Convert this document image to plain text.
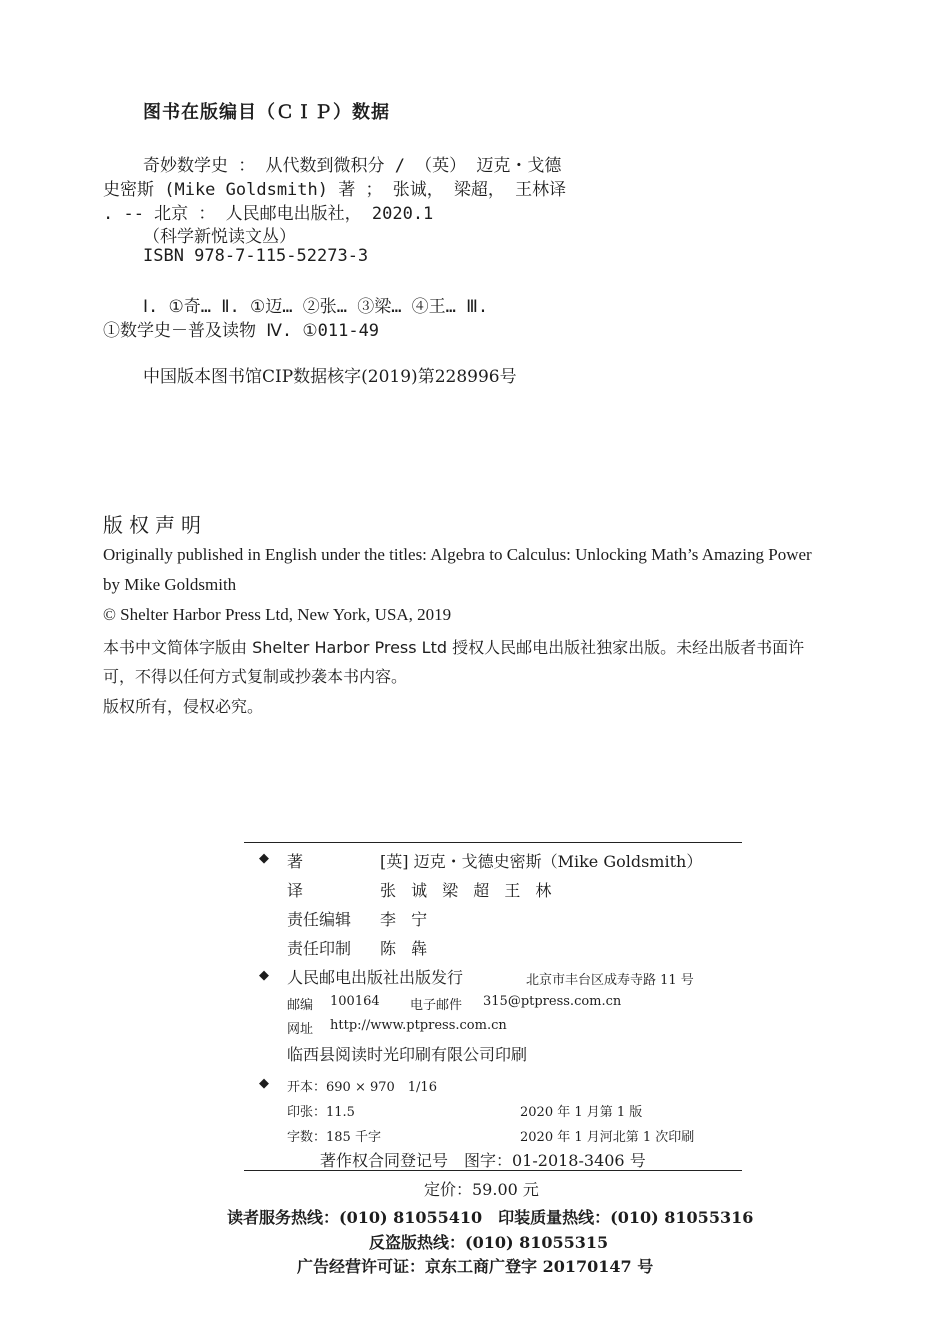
图书在版编目（ＣＩＰ）数据
奇妙数学史 ： 从代数到微积分 / （英） 迈克・戈德
史密斯 (Mike Goldsmith) 著 ； 张诚， 梁超， 王林译
. -- 北京 ： 人民邮电出版社， 2020.1
（科学新悦读文丛）
ISBN 978-7-115-52273-3
Ⅰ. ①奇… Ⅱ. ①迈… ②张… ③梁… ④王… Ⅲ.
①数学史－普及读物 Ⅳ. ①011-49
中国版本图书馆CIP数据核字(2019)第228996号
版权声明
Originally published in English under the titles: Algebra to Calculus: Unlocking Math’s Amazing Power
by Mike Goldsmith
© Shelter Harbor Press Ltd, New York, USA, 2019
本书中文简体字版由 Shelter Harbor Press Ltd 授权人民邮电出版社独家出版。未经出版者书面许
可，不得以任何方式复制或抄袭本书内容。
版权所有，侵权必究。
◆ 著	[英] 迈克・戈德史密斯（Mike Goldsmith）
译	张 诚 梁 超 王 林
责任编辑 李 宁
责任印制 陈 犇
◆ 人民邮电出版社出版发行	北京市丰台区成寿寺路 11 号
邮编 100164 电子邮件 315@ptpress.com.cn
网址 http://www.ptpress.com.cn
临西县阅读时光印刷有限公司印刷
◆ 开本：690 × 970　1/16
印张：11.5	2020 年 1 月第 1 版
字数：185 千字	2020 年 1 月河北第 1 次印刷
著作权合同登记号　图字：01-2018-3406 号
定价：59.00 元
读者服务热线：(010) 81055410　印装质量热线：(010) 81055316
反盗版热线：(010) 81055315
广告经营许可证：京东工商广登字 20170147 号
